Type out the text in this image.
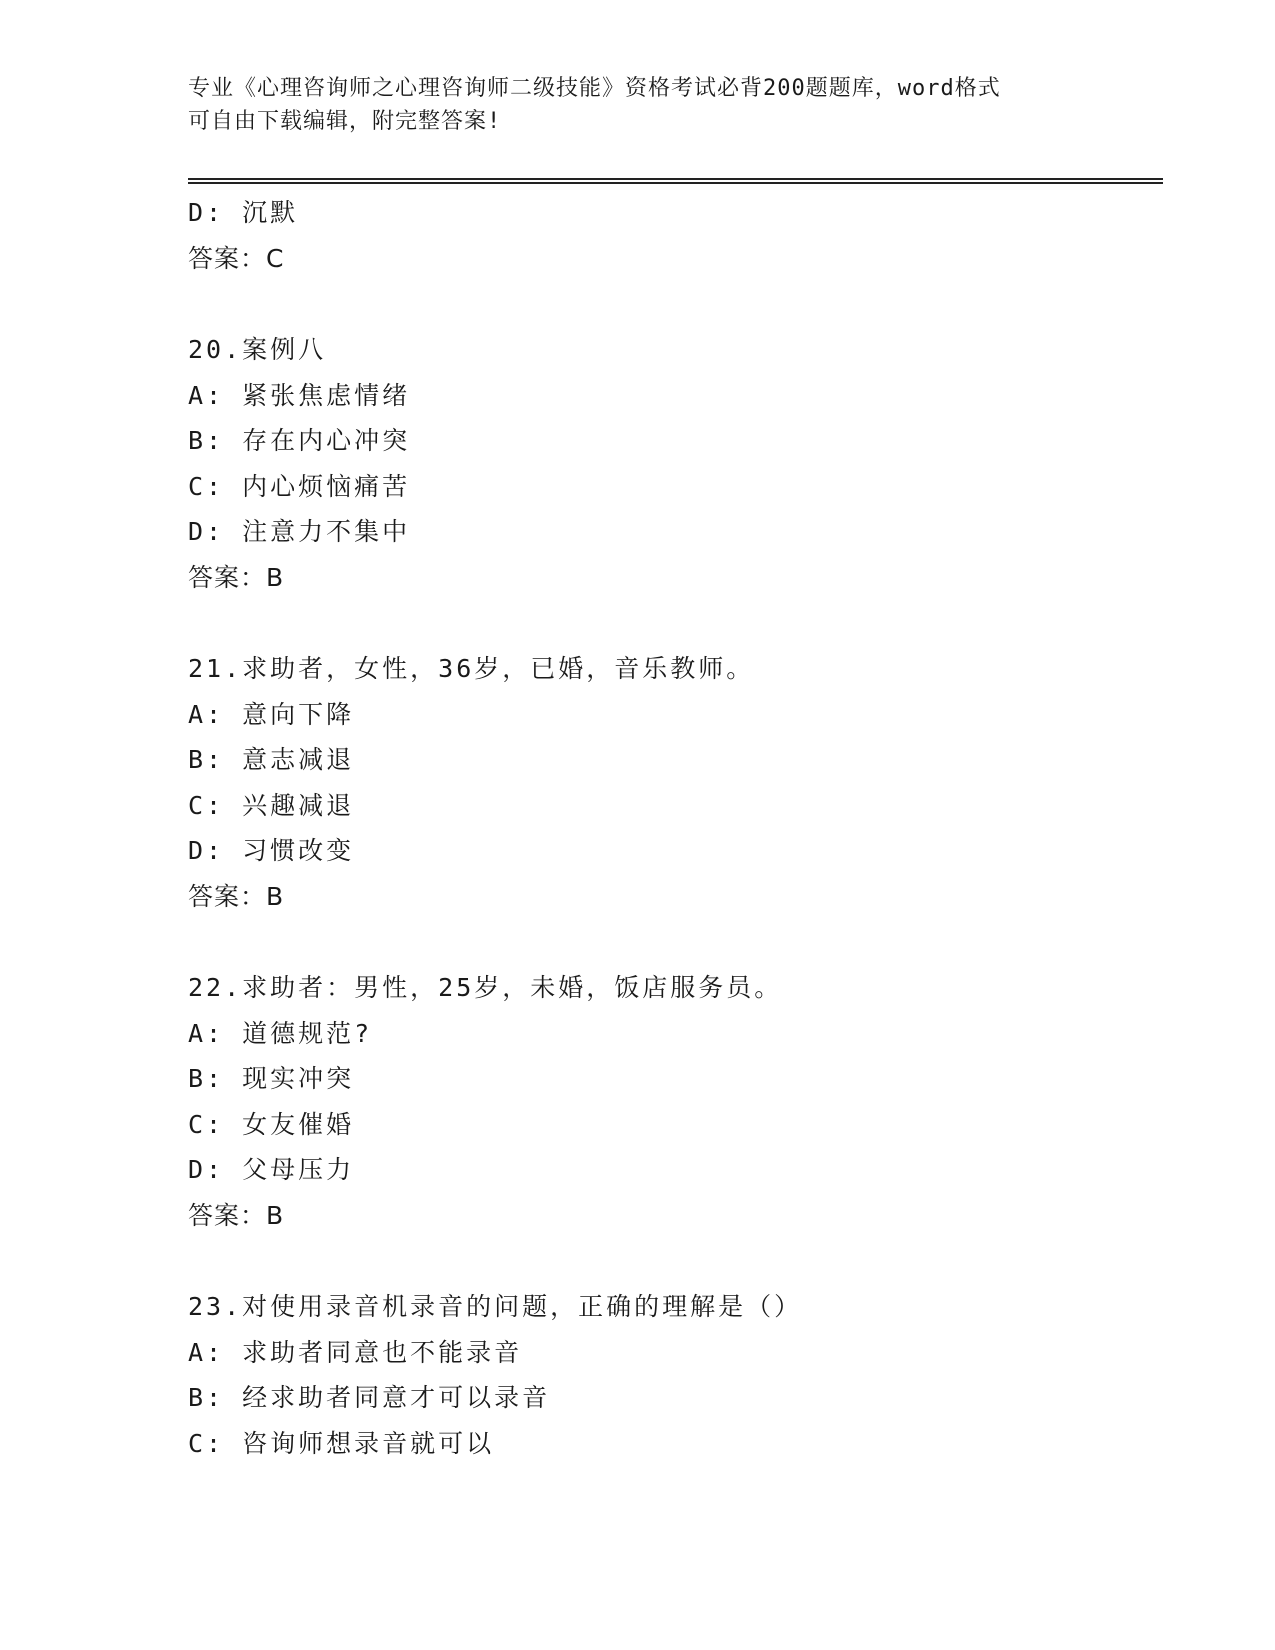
专业《心理咨询师之心理咨询师二级技能》资格考试必背200题题库，word格式
可自由下载编辑，附完整答案!
D: 沉默
答案：C
20.案例八
A: 紧张焦虑情绪
B: 存在内心冲突
C: 内心烦恼痛苦
D: 注意力不集中
答案：B
21.求助者，女性，36岁，已婚，音乐教师。
A: 意向下降
B: 意志减退
C: 兴趣减退
D: 习惯改变
答案：B
22.求助者：男性，25岁，未婚，饭店服务员。
A: 道德规范?
B: 现实冲突
C: 女友催婚
D: 父母压力
答案：B
23.对使用录音机录音的问题，正确的理解是（）
A: 求助者同意也不能录音
B: 经求助者同意才可以录音
C: 咨询师想录音就可以
